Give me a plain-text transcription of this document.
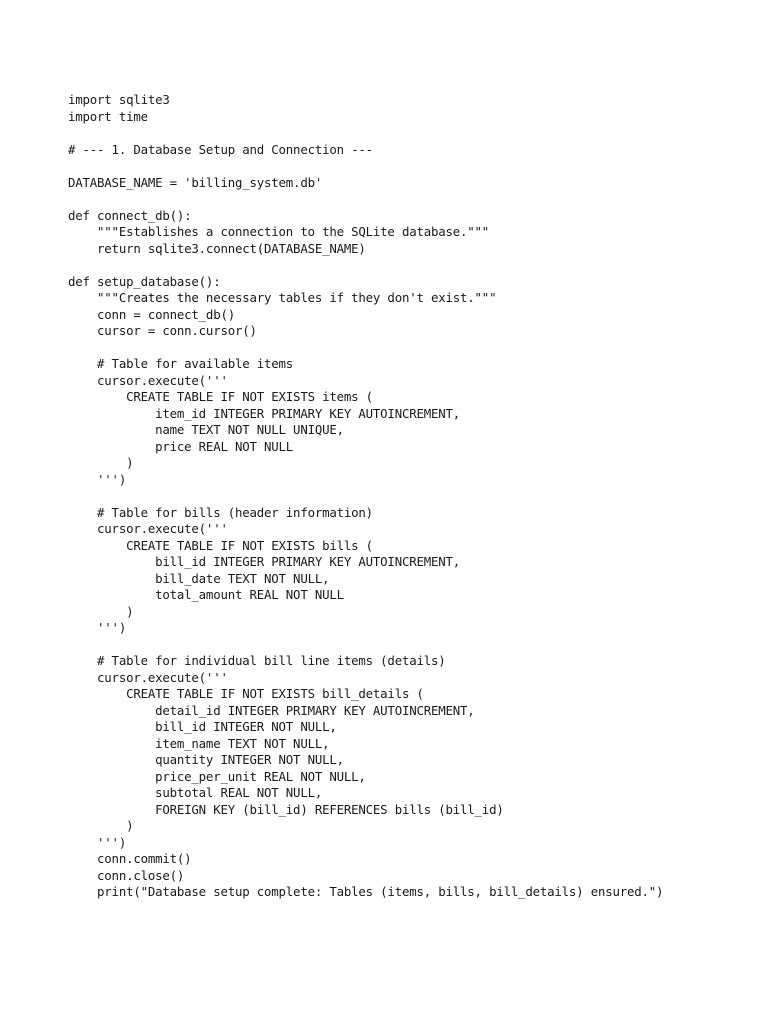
import sqlite3
import time
# --- 1. Database Setup and Connection ---
DATABASE_NAME = 'billing_system.db'
def connect_db():
"""Establishes a connection to the SQLite database."""
return sqlite3.connect(DATABASE_NAME)
def setup_database():
"""Creates the necessary tables if they don't exist."""
conn = connect_db()
cursor = conn.cursor()
# Table for available items
cursor.execute('''
CREATE TABLE IF NOT EXISTS items (
item_id INTEGER PRIMARY KEY AUTOINCREMENT,
name TEXT NOT NULL UNIQUE,
price REAL NOT NULL
)
''')
# Table for bills (header information)
cursor.execute('''
CREATE TABLE IF NOT EXISTS bills (
bill_id INTEGER PRIMARY KEY AUTOINCREMENT,
bill_date TEXT NOT NULL,
total_amount REAL NOT NULL
)
''')
# Table for individual bill line items (details)
cursor.execute('''
CREATE TABLE IF NOT EXISTS bill_details (
detail_id INTEGER PRIMARY KEY AUTOINCREMENT,
bill_id INTEGER NOT NULL,
item_name TEXT NOT NULL,
quantity INTEGER NOT NULL,
price_per_unit REAL NOT NULL,
subtotal REAL NOT NULL,
FOREIGN KEY (bill_id) REFERENCES bills (bill_id)
)
''')
conn.commit()
conn.close()
print("Database setup complete: Tables (items, bills, bill_details) ensured.")
